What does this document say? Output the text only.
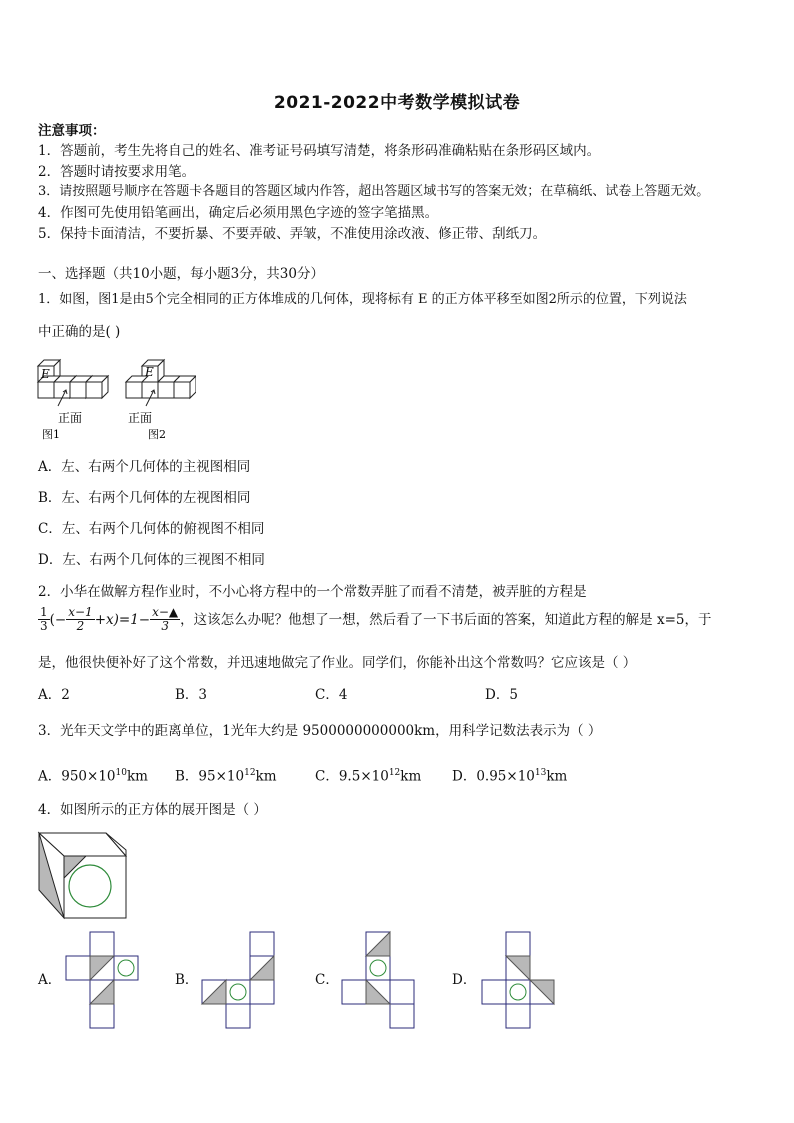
2021-2022中考数学模拟试卷
注意事项：
1．答题前，考生先将自己的姓名、准考证号码填写清楚，将条形码准确粘贴在条形码区域内。
2．答题时请按要求用笔。
3．请按照题号顺序在答题卡各题目的答题区域内作答，超出答题区域书写的答案无效；在草稿纸、试卷上答题无效。
4．作图可先使用铅笔画出，确定后必须用黑色字迹的签字笔描黑。
5．保持卡面清洁，不要折暴、不要弄破、弄皱，不准使用涂改液、修正带、刮纸刀。
一、选择题（共10小题，每小题3分，共30分）
1．如图，图1是由5个完全相同的正方体堆成的几何体，现将标有 E 的正方体平移至如图2所示的位置，下列说法
中正确的是( )
E	E
正面	正面
图1	图2
A．左、右两个几何体的主视图相同
B．左、右两个几何体的左视图相同
C．左、右两个几何体的俯视图不相同
D．左、右两个几何体的三视图不相同
2．小华在做解方程作业时，不小心将方程中的一个常数弄脏了而看不清楚，被弄脏的方程是
$\frac{1}{3}$ (− $\frac{x-1}{2} +x)=1- \frac{x-▲}{3}$ ， 这该怎么办呢？他想了一想，然后看了一下书后面的答案，知道此方程的解是 x=5，于
是，他很快便补好了这个常数，并迅速地做完了作业。同学们，你能补出这个常数吗？它应该是（ ）
A．2	B．3	C．4	D．5
3．光年天文学中的距离单位，1光年大约是 9500000000000km，用科学记数法表示为（ ）
A．$950\times 10^{10}km$ B．$95\times 10^{12}km$	C．$9.5\times 10^{12}km$ D．$0.95\times 10^{13}km$
4．如图所示的正方体的展开图是（ ）
A．	B．	C．	D．
